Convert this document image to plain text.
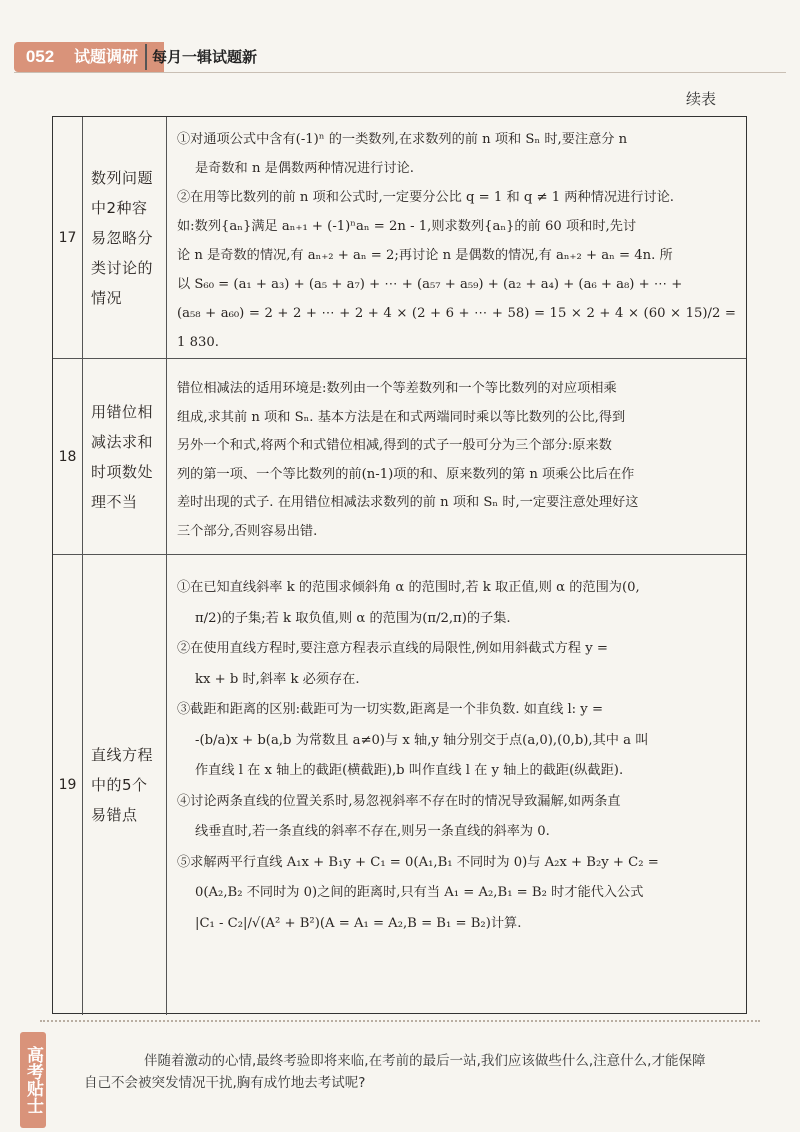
052	试题调研 每月一辑试题新
续表
17
数列问题中2种容易忽略分类讨论的情况

①对通项公式中含有(-1)ⁿ 的一类数列,在求数列的前 n 项和 Sₙ 时,要注意分 n

是奇数和 n 是偶数两种情况进行讨论.

②在用等比数列的前 n 项和公式时,一定要分公比 q = 1 和 q ≠ 1 两种情况进行讨论.

如:数列{aₙ}满足 aₙ₊₁ + (-1)ⁿaₙ = 2n - 1,则求数列{aₙ}的前 60 项和时,先讨

论 n 是奇数的情况,有 aₙ₊₂ + aₙ = 2;再讨论 n 是偶数的情况,有 aₙ₊₂ + aₙ = 4n. 所

以 S₆₀ = (a₁ + a₃) + (a₅ + a₇) + ⋯ + (a₅₇ + a₅₉) + (a₂ + a₄) + (a₆ + a₈) + ⋯ +

(a₅₈ + a₆₀) = 2 + 2 + ⋯ + 2 + 4 × (2 + 6 + ⋯ + 58) = 15 × 2 + 4 × (60 × 15)/2 = 1 830.

18
用错位相减法求和时项数处理不当

错位相减法的适用环境是:数列由一个等差数列和一个等比数列的对应项相乘

组成,求其前 n 项和 Sₙ. 基本方法是在和式两端同时乘以等比数列的公比,得到

另外一个和式,将两个和式错位相减,得到的式子一般可分为三个部分:原来数

列的第一项、一个等比数列的前(n-1)项的和、原来数列的第 n 项乘公比后在作

差时出现的式子. 在用错位相减法求数列的前 n 项和 Sₙ 时,一定要注意处理好这

三个部分,否则容易出错.

19
直线方程中的5个易错点

①在已知直线斜率 k 的范围求倾斜角 α 的范围时,若 k 取正值,则 α 的范围为(0,

π/2)的子集;若 k 取负值,则 α 的范围为(π/2,π)的子集.

②在使用直线方程时,要注意方程表示直线的局限性,例如用斜截式方程 y =

kx + b 时,斜率 k 必须存在.

③截距和距离的区别:截距可为一切实数,距离是一个非负数. 如直线 l: y =

-(b/a)x + b(a,b 为常数且 a≠0)与 x 轴,y 轴分别交于点(a,0),(0,b),其中 a 叫

作直线 l 在 x 轴上的截距(横截距),b 叫作直线 l 在 y 轴上的截距(纵截距).

④讨论两条直线的位置关系时,易忽视斜率不存在时的情况导致漏解,如两条直

线垂直时,若一条直线的斜率不存在,则另一条直线的斜率为 0.

⑤求解两平行直线 A₁x + B₁y + C₁ = 0(A₁,B₁ 不同时为 0)与 A₂x + B₂y + C₂ =

0(A₂,B₂ 不同时为 0)之间的距离时,只有当 A₁ = A₂,B₁ = B₂ 时才能代入公式

|C₁ - C₂|/√(A² + B²)(A = A₁ = A₂,B = B₁ = B₂)计算.

高考贴士	伴随着激动的心情,最终考验即将来临,在考前的最后一站,我们应该做些什么,注意什么,才能保障自己不会被突发情况干扰,胸有成竹地去考试呢?
